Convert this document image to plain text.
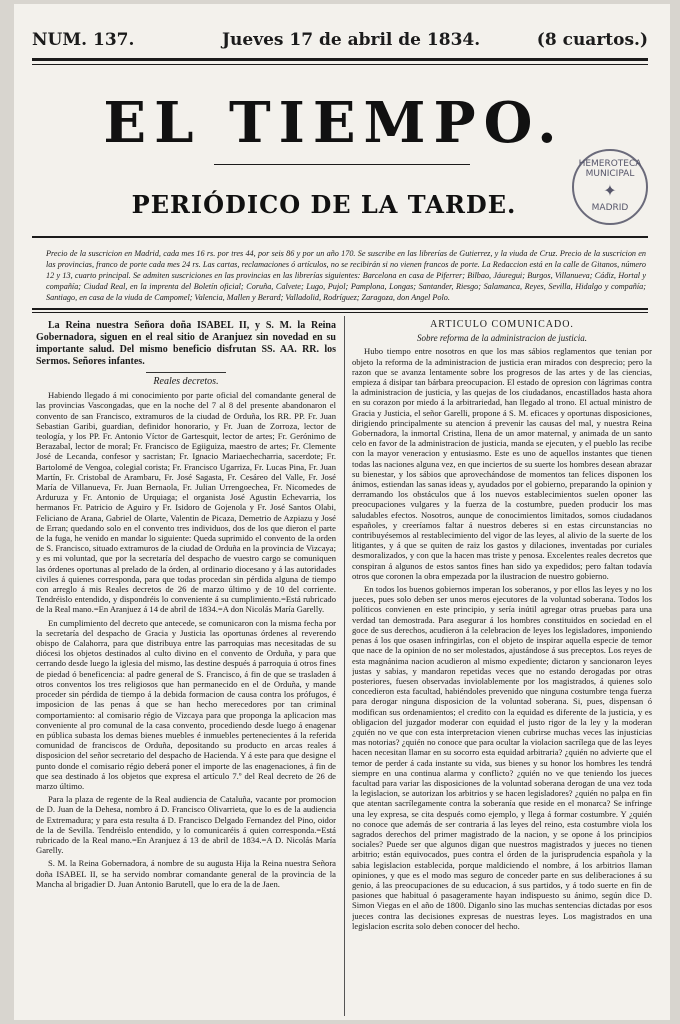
NUM. 137.	Jueves 17 de abril de 1834.	(8 cuartos.)
EL TIEMPO.
PERIÓDICO DE LA TARDE.
HEMEROTECA MUNICIPAL
✦
MADRID

Precio de la suscricion en Madrid, cada mes 16 rs. por tres 44, por seis 86 y por un año 170. Se suscribe en las librerías de Gutierrez, y la viuda de Cruz. Precio de la suscricion en las provincias, franco de porte cada mes 24 rs. Las cartas, reclamaciones ó artículos, no se recibirán si no vienen francos de porte. La Redaccion está en la calle de Gitanos, número 12 y 13, cuarto principal. Se admiten suscriciones en las provincias en las librerías siguientes: Barcelona en casa de Piferrer; Bilbao, Jáuregui; Burgos, Villanueva; Cádiz, Hortal y compañía; Ciudad Real, en la imprenta del Boletín oficial; Coruña, Calvete; Lugo, Pujol; Pamplona, Longas; Santander, Riesgo; Salamanca, Reyes, Sevilla, Hidalgo y compañía; Santiago, en casa de la viuda de Campomel; Valencia, Mallen y Berard; Valladolid, Rodríguez; Zaragoza, don Angel Polo.

La Reina nuestra Señora doña ISABEL II, y S. M. la Reina Gobernadora, siguen en el real sitio de Aranjuez sin novedad en su importante salud. Del mismo beneficio disfrutan SS. AA. RR. los Sermos. Señores infantes.

Reales decretos.

Habiendo llegado á mi conocimiento por parte oficial del comandante general de las provincias Vascongadas, que en la noche del 7 al 8 del presente abandonaron el convento de san Francisco, extramuros de la ciudad de Orduña, los RR. PP. Fr. Juan Sebastian Garibi, guardian, definidor honorario, y Fr. Juan de Zorroza, lector de teología, y los PP. Fr. Antonio Víctor de Gartesquit, lector de artes; Fr. Gerónimo de Berazabal, lector de moral; Fr. Francisco de Egiiguiza, maestro de artes; Fr. Clemente José de Lecanda, confesor y sacristan; Fr. Ignacio Mariaechecharria, sacerdote; Fr. Bartolomé de Vengoa, colegial corista; Fr. Francisco Ugarriza, Fr. Lucas Pina, Fr. Juan Martín, Fr. Cristobal de Arambaru, Fr. José Sagasta, Fr. Cesáreo del Valle, Fr. José María de Villanueva, Fr. Juan Bernaola, Fr. Julian Urrengoechea, Fr. Nicomedes de Arduruza y Fr. Antonio de Urquiaga; el organista José Agustin Echevarria, los hermanos Fr. Patricio de Aguiro y Fr. Isidoro de Gojenola y Fr. José Santos Olabi, Feliciano de Arana, Gabriel de Olarte, Valentin de Picaza, Demetrio de Azpiazu y José de Erran; quedando solo en el convento tres individuos, dos de los que dieron el parte de la fuga, he venido en mandar lo siguiente: Queda suprimido el convento de la orden de S. Francisco, situado extramuros de la ciudad de Orduña en la provincia de Vizcaya; y es mi voluntad, que por la secretaría del despacho de vuestro cargo se comuniquen las órdenes oportunas al prelado de la órden, al ordinario diocesano y á las autoridades civiles á quienes corresponda, para que todas procedan sin pérdida alguna de tiempo con arreglo á mis Reales decretos de 26 de marzo último y de 10 del corriente. Tendréislo entendido, y dispondréis lo conveniente á su cumplimiento.=Está rubricado de la Real mano.=En Aranjuez á 14 de abril de 1834.=A don Nicolás María Garelly.

En cumplimiento del decreto que antecede, se comunicaron con la misma fecha por la secretaría del despacho de Gracia y Justicia las oportunas órdenes al reverendo obispo de Calahorra, para que distribuya entre las parroquias mas necesitadas de su diócesi los objetos destinados al culto divino en el convento de Orduña, y para que cerrando desde luego la iglesia del mismo, las destine después á parroquia ú otros fines de piedad ó beneficencia: al padre general de S. Francisco, á fin de que se trasladen á otros conventos los tres religiosos que han permanecido en el de Orduña, y mande proceder sin pérdida de tiempo á la debida formacion de causa contra los prófugos, é imposicion de las penas á que se han hecho merecedores por tan criminal comportamiento: al comisario régio de Vizcaya para que proponga la aplicacion mas conveniente al pro comunal de la casa convento, procediendo desde luego á enagenar en pública subasta los demas bienes muebles é inmuebles pertenecientes á la referida comunidad de franciscos de Orduña, depositando su producto en arcas reales á disposicion del señor secretario del despacho de Hacienda. Y á este para que designe el punto donde el comisario régio deberá poner el importe de las enagenaciones, á fin de que sea destinado á los objetos que expresa el artículo 7.º del Real decreto de 26 de marzo último.

Para la plaza de regente de la Real audiencia de Cataluña, vacante por promocion de D. Juan de la Dehesa, nombro á D. Francisco Olivarrieta, que lo es de la audiencia de Extremadura; y para esta resulta á D. Francisco Delgado Fernandez del Pino, oidor de la de Sevilla. Tendréislo entendido, y lo comunicaréis á quien corresponda.=Está rubricado de la Real mano.=En Aranjuez á 13 de abril de 1834.=A D. Nicolás María Garelly.

S. M. la Reina Gobernadora, á nombre de su augusta Hija la Reina nuestra Señora doña ISABEL II, se ha servido nombrar comandante general de la provincia de la Mancha al brigadier D. Juan Antonio Barutell, que lo era de la de Jaen.

ARTÍCULO COMUNICADO.

Sobre reforma de la administracion de justicia.

Hubo tiempo entre nosotros en que los mas sábios reglamentos que tenian por objeto la reforma de la administracion de justicia eran mirados con desprecio; pero la razon que se avanza lentamente sobre los progresos de las artes y de las ciencias, empieza á disipar tan bárbara preocupacion. El estado de opresion con lágrimas contra la administracion de justicia, y las quejas de los ciudadanos, encastillados hasta ahora en su corazon por miedo á la arbitrariedad, han llegado al trono. El actual ministro de Gracia y Justicia, el señor Garelli, propone á S. M. eficaces y oportunas disposiciones, dirigiendo principalmente su atencion á prevenir las causas del mal, y nuestra Reina Gobernadora, la inmortal Cristina, llena de un amor maternal, y animada de un santo celo en favor de la administracion de justicia, manda se ejecuten, y el pueblo las recibe con la mayor veneracion y entusiasmo. Este es uno de aquellos instantes que tienen todas las naciones alguna vez, en que inciertos de su suerte los hombres desean abrazar su bienestar, y los sábios que aprovechándose de momentos tan felices disponen los ánimos, estiendan las sanas ideas y, ayudados por el gobierno, preparando la opinion y derramando los obstáculos que á los nuevos establecimientos suelen oponer las preocupaciones vulgares y la fuerza de la costumbre, pueden producir los mas saludables efectos. Nosotros, aunque de conocimientos limitados, somos ciudadanos españoles, y creeríamos faltar á nuestros deberes si en estas circunstancias no contribuyésemos al restablecimiento del vigor de las leyes, al alivio de la suerte de los litigantes, y á que se quiten de raiz los gastos y dilaciones, inventadas por curiales desmoralizados, y con que la hacen mas triste y penosa. Excelentes reales decretos que conspiran á algunos de estos santos fines han sido ya expedidos; pero faltan todavía otros que coronen la obra empezada por la ilustracion de nuestro gobierno.

En todos los buenos gobiernos imperan los soberanos, y por ellos las leyes y no los jueces, pues solo deben ser unos meros ejecutores de la voluntad soberana. Todos los políticos convienen en este principio, y sería inútil agregar otras pruebas para una verdad tan demostrada. Para asegurar á los hombres constituidos en sociedad en el goce de sus derechos, acudieron á la celebracion de leyes los legisladores, imponiendo penas á los que osasen infringirlas, con el objeto de inspirar aquella especie de temor que nace de la opinion de no ser molestados, ajustándose á sus preceptos. Los reyes de esta magnánima nacion acudieron al mismo expediente; dictaron y sancionaron leyes justas y sabias, y mandaron repetidas veces que no estando derogadas por otras posteriores, fuesen observadas inviolablemente por los magistrados, á quienes solo concedieron esta facultad, habiéndoles prevenido que ninguna costumbre tenga fuerza para derogar ninguna disposicion de la voluntad soberana. Si, pues, dispensan ó modifican sus ordenamientos; el credito con la equidad es diferente de la justicia, y es obligacion del juzgador moderar con equidad el justo rigor de la ley y la moderan ¿quién no ve que con esta interpretacion vienen cubrirse muchas veces las injusticias mas notorias? ¿quién no conoce que para ocultar la violacion sacrílega que de las leyes hacen necesitan llamar en su socorro esta equidad arbitraria? ¿quién no advierte que el temor de perder á cada instante su vida, sus bienes y su honor los hombres les tendrá siempre en una continua alarma y conflicto? ¿quién no ve que teniendo los jueces facultad para variar las disposiciones de la voluntad soberana derogan de una vez toda la legislacion, se autorizan los arbitrios y se hacen legisladores? ¿quién no palpa en fin que atentan sacrílegamente contra la soberanía que reside en el monarca? Se infringe una ley expresa, se cita después como ejemplo, y llega á formar costumbre. Y ¿quién no conoce que además de ser contraria á las leyes del reino, esta costumbre viola los sagrados derechos del primer magistrado de la nacion, y se opone á los principios sociales? Puede ser que algunos digan que nuestros magistrados y jueces no tienen arbitrio; están equivocados, pues contra el órden de la jurisprudencia española y la sabia legislacion establecida, porque maldiciendo el nombre, á los arbitrios llaman opiniones, y que es el modo mas seguro de conceder parte en sus deliberaciones á su genio, á las preocupaciones de su educacion, á sus partidos, y á todo suerte en fin de pasiones que habitual ó pasageramente hayan indispuesto su ánimo, según dice D. Simon Viegas en el año de 1800. Diganlo sino las muchas sentencias dictadas por esos jueces contra las decisiones expresas de nuestras leyes. Los magistrados en una legislacion escrita solo deben conocer del hecho.
